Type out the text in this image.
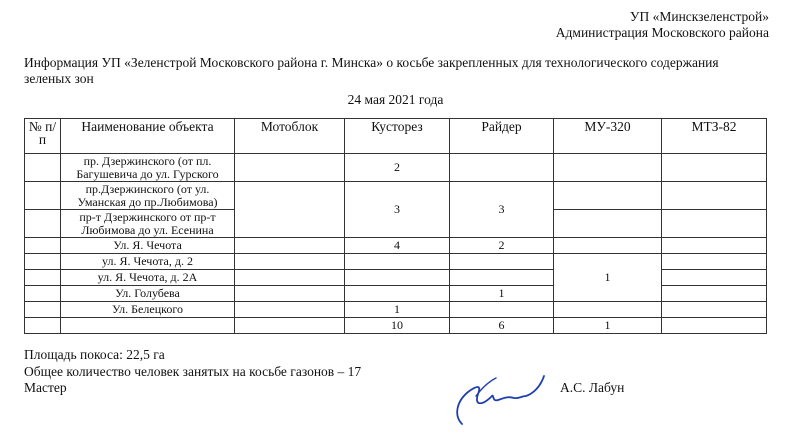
УП «Минскзеленстрой»
Администрация Московского района
Информация УП «Зеленстрой Московского района г. Минска» о косьбе закрепленных для технологического содержания зеленых зон
24 мая 2021 года
№ п/п	Наименование объекта	Мотоблок	Кусторез	Райдер	МУ-320	МТЗ-82
	пр. Дзержинского (от пл. Багушевича до ул. Гурского		2			
	пр.Дзержинского (от ул. Уманская до пр.Любимова)		3	3		
	пр-т Дзержинского от пр-т Любимова до ул. Есенина					
	Ул. Я. Чечота		4	2		
	ул. Я. Чечота, д. 2				1	
	ул. Я. Чечота, д. 2А					
	Ул. Голубева			1		
	Ул. Белецкого		1			
			10	6	1	
Площадь покоса: 22,5 га
Общее количество человек занятых на косьбе газонов – 17
Мастер	А.С. Лабун
